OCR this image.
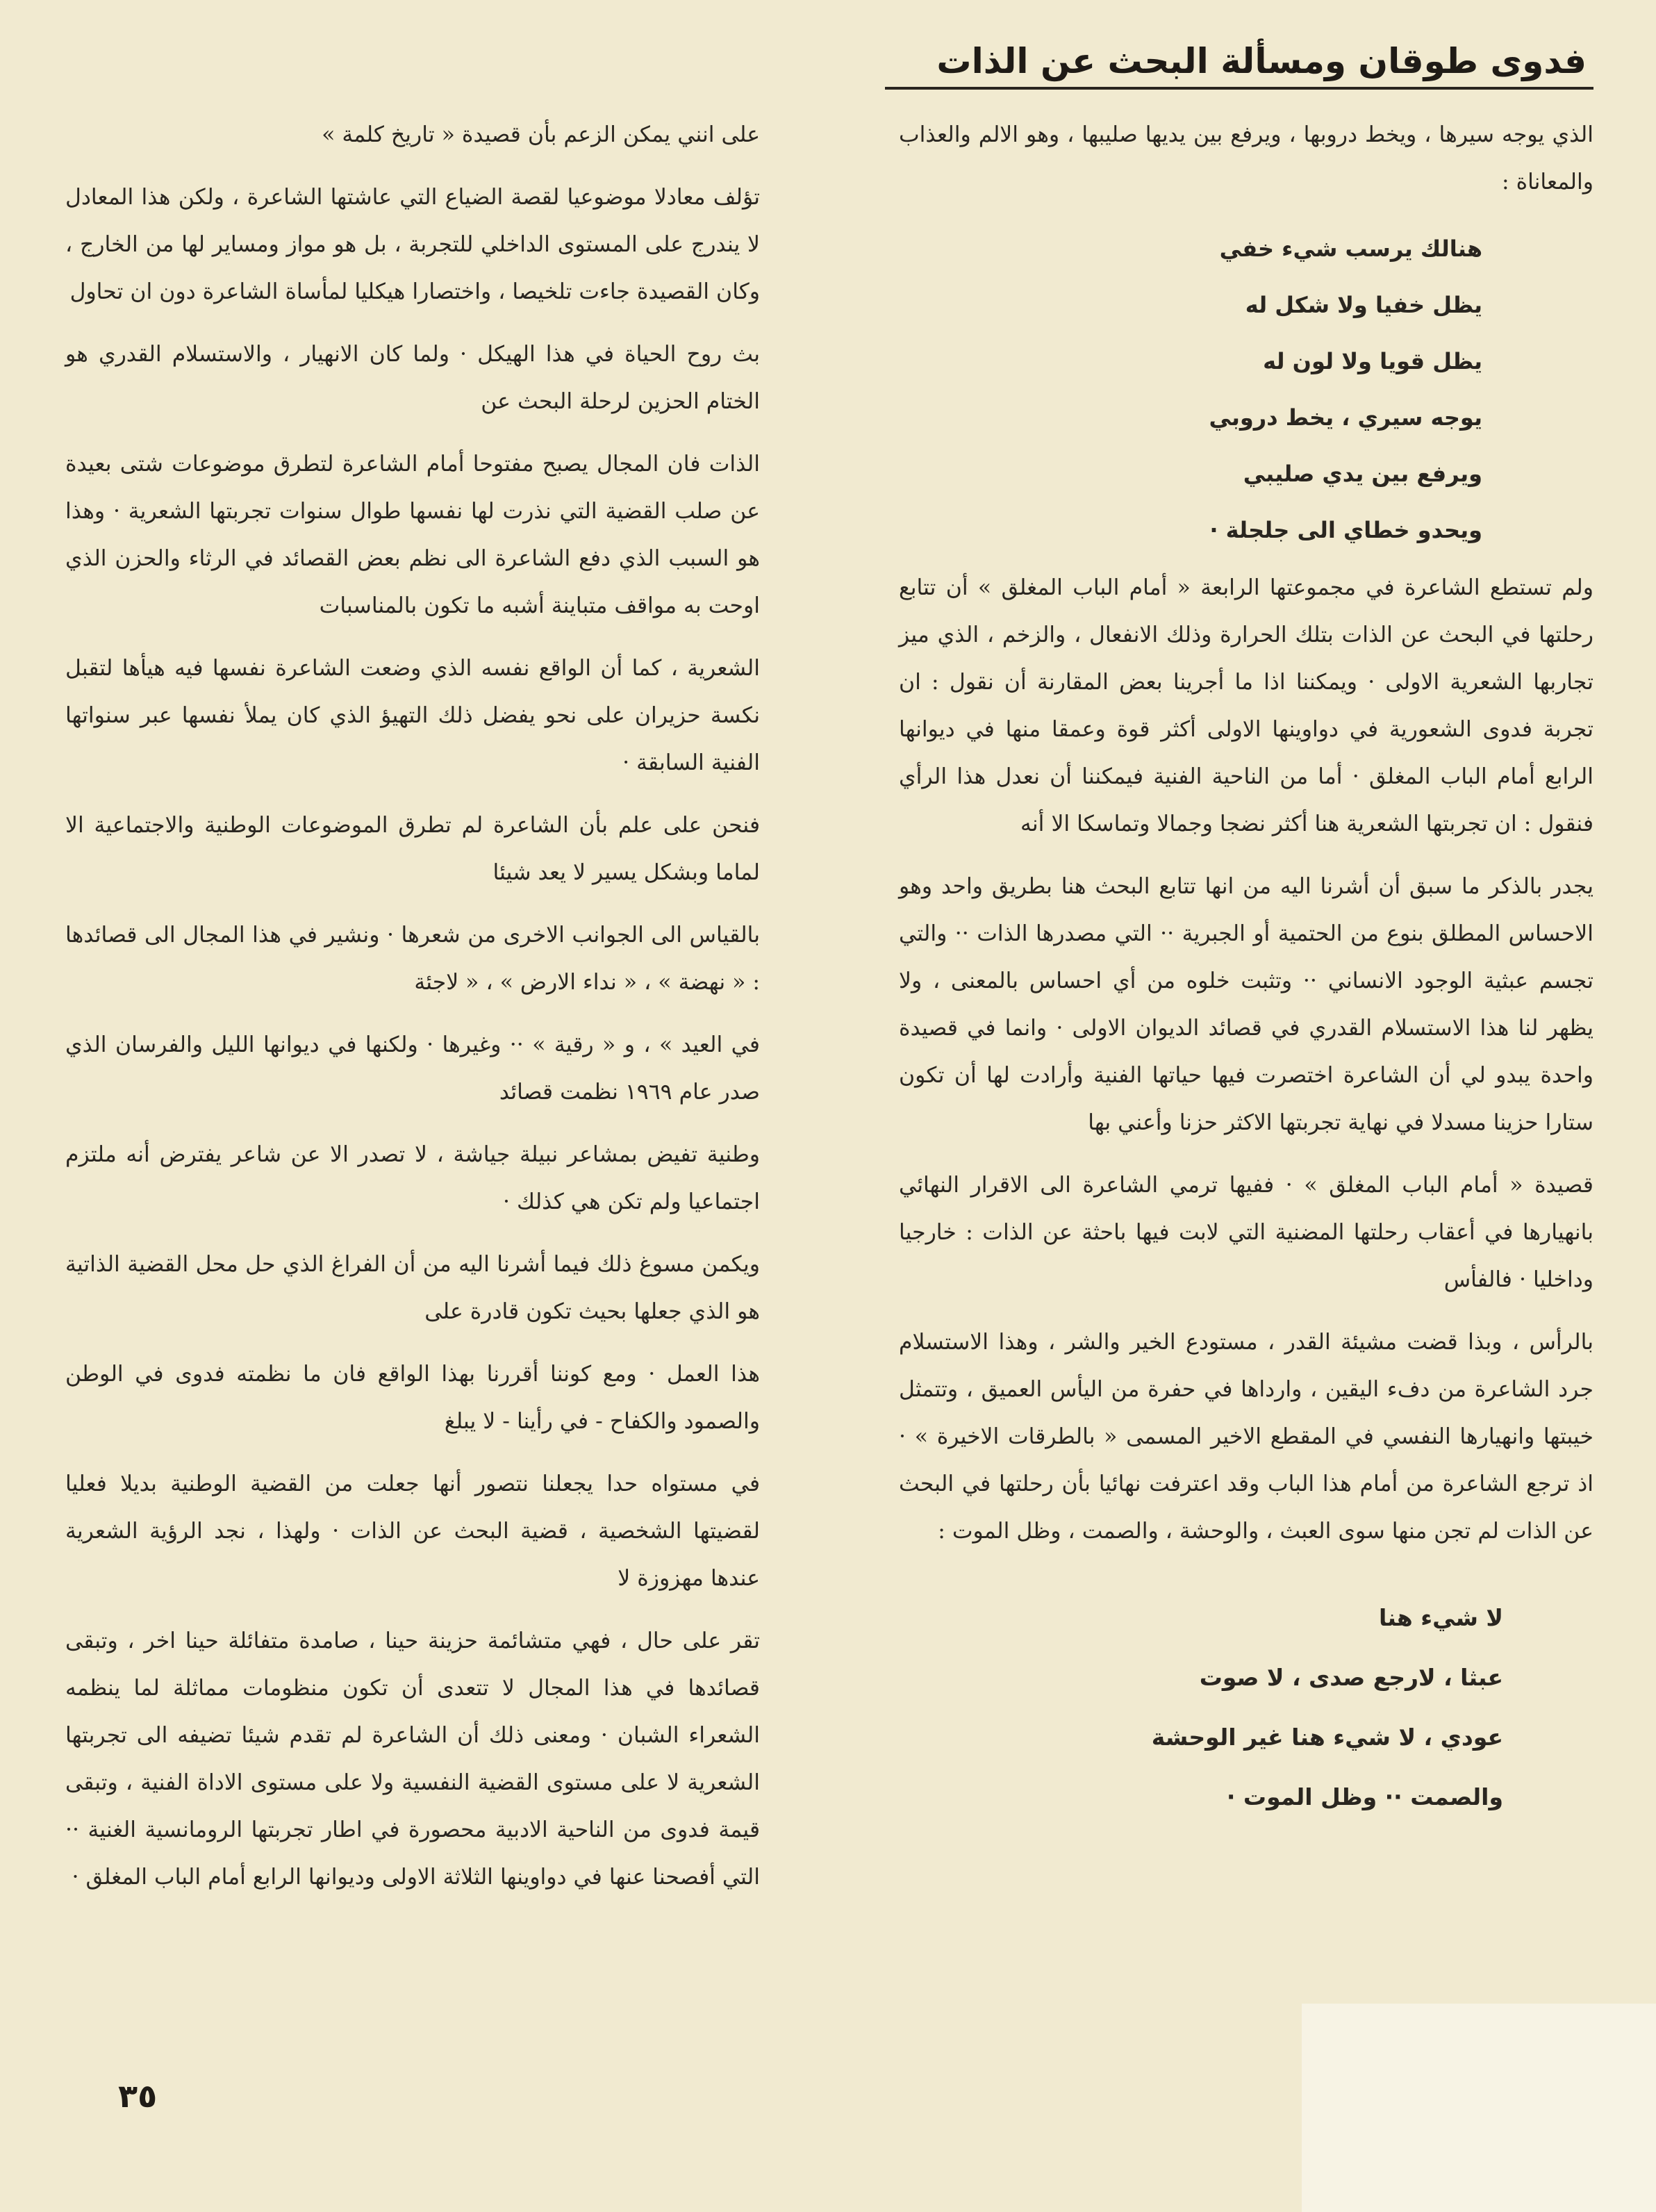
فدوى طوقان ومسألة البحث عن الذات

الذي يوجه سيرها ، ويخط دروبها ، ويرفع بين يديها صليبها ، وهو الالم والعذاب والمعاناة :

هنالك يرسب شيء خفي
يظل خفيا ولا شكل له
يظل قويا ولا لون له
يوجه سيري ، يخط دروبي
ويرفع بين يدي صليبي
ويحدو خطاي الى جلجلة ·

ولم تستطع الشاعرة في مجموعتها الرابعة « أمام الباب المغلق » أن تتابع رحلتها في البحث عن الذات بتلك الحرارة وذلك الانفعال ، والزخم ، الذي ميز تجاربها الشعرية الاولى · ويمكننا اذا ما أجرينا بعض المقارنة أن نقول : ان تجربة فدوى الشعورية في دواوينها الاولى أكثر قوة وعمقا منها في ديوانها الرابع أمام الباب المغلق · أما من الناحية الفنية فيمكننا أن نعدل هذا الرأي فنقول : ان تجربتها الشعرية هنا أكثر نضجا وجمالا وتماسكا الا أنه

يجدر بالذكر ما سبق أن أشرنا اليه من انها تتابع البحث هنا بطريق واحد وهو الاحساس المطلق بنوع من الحتمية أو الجبرية ·· التي مصدرها الذات ·· والتي تجسم عبثية الوجود الانساني ·· وتثبت خلوه من أي احساس بالمعنى ، ولا يظهر لنا هذا الاستسلام القدري في قصائد الديوان الاولى · وانما في قصيدة واحدة يبدو لي أن الشاعرة اختصرت فيها حياتها الفنية وأرادت لها أن تكون ستارا حزينا مسدلا في نهاية تجربتها الاكثر حزنا وأعني بها

قصيدة « أمام الباب المغلق » · ففيها ترمي الشاعرة الى الاقرار النهائي بانهيارها في أعقاب رحلتها المضنية التي لابت فيها باحثة عن الذات : خارجيا وداخليا · فالفأس

بالرأس ، وبذا قضت مشيئة القدر ، مستودع الخير والشر ، وهذا الاستسلام جرد الشاعرة من دفء اليقين ، وارداها في حفرة من اليأس العميق ، وتتمثل خيبتها وانهيارها النفسي في المقطع الاخير المسمى « بالطرقات الاخيرة » · اذ ترجع الشاعرة من أمام هذا الباب وقد اعترفت نهائيا بأن رحلتها في البحث عن الذات لم تجن منها سوى العبث ، والوحشة ، والصمت ، وظل الموت :

لا شيء هنا
عبثا ، لارجع صدى ، لا صوت
عودي ، لا شيء هنا غير الوحشة
والصمت ·· وظل الموت ·

على انني يمكن الزعم بأن قصيدة « تاريخ كلمة »

تؤلف معادلا موضوعيا لقصة الضياع التي عاشتها الشاعرة ، ولكن هذا المعادل لا يندرج على المستوى الداخلي للتجربة ، بل هو مواز ومساير لها من الخارج ، وكان القصيدة جاءت تلخيصا ، واختصارا هيكليا لمأساة الشاعرة دون ان تحاول

بث روح الحياة في هذا الهيكل · ولما كان الانهيار ، والاستسلام القدري هو الختام الحزين لرحلة البحث عن

الذات فان المجال يصبح مفتوحا أمام الشاعرة لتطرق موضوعات شتى بعيدة عن صلب القضية التي نذرت لها نفسها طوال سنوات تجربتها الشعرية · وهذا هو السبب الذي دفع الشاعرة الى نظم بعض القصائد في الرثاء والحزن الذي اوحت به مواقف متباينة أشبه ما تكون بالمناسبات

الشعرية ، كما أن الواقع نفسه الذي وضعت الشاعرة نفسها فيه هيأها لتقبل نكسة حزيران على نحو يفضل ذلك التهيؤ الذي كان يملأ نفسها عبر سنواتها الفنية السابقة ·

فنحن على علم بأن الشاعرة لم تطرق الموضوعات الوطنية والاجتماعية الا لماما وبشكل يسير لا يعد شيئا

بالقياس الى الجوانب الاخرى من شعرها · ونشير في هذا المجال الى قصائدها : « نهضة » ، « نداء الارض » ، « لاجئة

في العيد » ، و « رقية » ·· وغيرها · ولكنها في ديوانها الليل والفرسان الذي صدر عام ١٩٦٩ نظمت قصائد

وطنية تفيض بمشاعر نبيلة جياشة ، لا تصدر الا عن شاعر يفترض أنه ملتزم اجتماعيا ولم تكن هي كذلك ·

ويكمن مسوغ ذلك فيما أشرنا اليه من أن الفراغ الذي حل محل القضية الذاتية هو الذي جعلها بحيث تكون قادرة على

هذا العمل · ومع كوننا أقررنا بهذا الواقع فان ما نظمته فدوى في الوطن والصمود والكفاح - في رأينا - لا يبلغ

في مستواه حدا يجعلنا نتصور أنها جعلت من القضية الوطنية بديلا فعليا لقضيتها الشخصية ، قضية البحث عن الذات · ولهذا ، نجد الرؤية الشعرية عندها مهزوزة لا

تقر على حال ، فهي متشائمة حزينة حينا ، صامدة متفائلة حينا اخر ، وتبقى قصائدها في هذا المجال لا تتعدى أن تكون منظومات مماثلة لما ينظمه الشعراء الشبان · ومعنى ذلك أن الشاعرة لم تقدم شيئا تضيفه الى تجربتها الشعرية لا على مستوى القضية النفسية ولا على مستوى الاداة الفنية ، وتبقى قيمة فدوى من الناحية الادبية محصورة في اطار تجربتها الرومانسية الغنية ·· التي أفصحنا عنها في دواوينها الثلاثة الاولى وديوانها الرابع أمام الباب المغلق ·

٣٥
